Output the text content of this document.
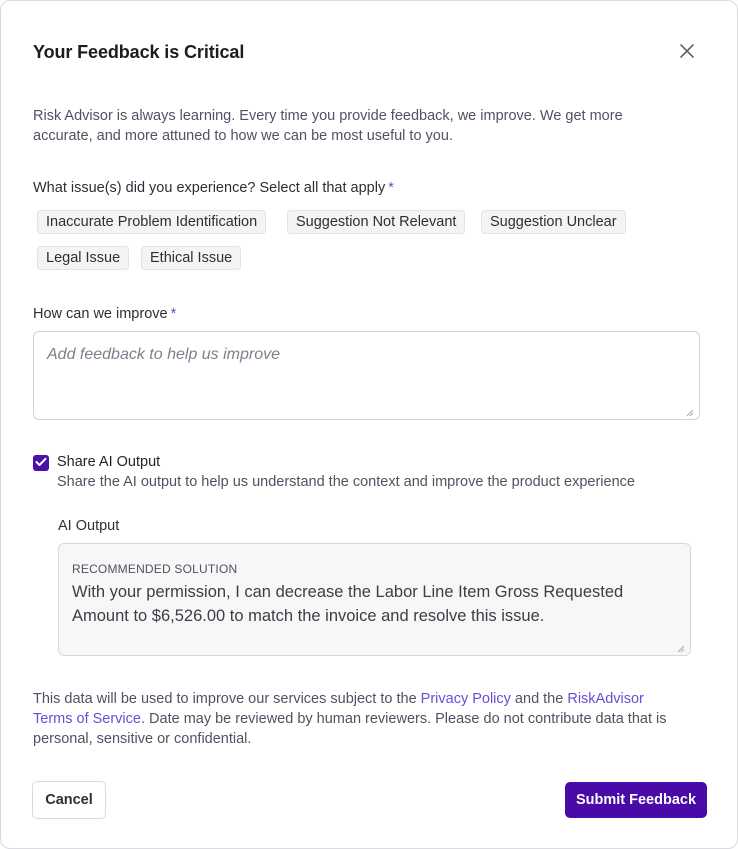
Your Feedback is Critical

Risk Advisor is always learning. Every time you provide feedback, we improve. We get more accurate, and more attuned to how we can be most useful to you.

What issue(s) did you experience? Select all that apply *
Inaccurate Problem Identification	Suggestion Not Relevant	Suggestion Unclear
Legal Issue	Ethical Issue
How can we improve *
Add feedback to help us improve
Share AI Output
Share the AI output to help us understand the context and improve the product experience
AI Output
RECOMMENDED SOLUTION
With your permission, I can decrease the Labor Line Item Gross Requested Amount to $6,526.00 to match the invoice and resolve this issue.

This data will be used to improve our services subject to the Privacy Policy and the RiskAdvisor Terms of Service. Date may be reviewed by human reviewers. Please do not contribute data that is personal, sensitive or confidential.

Cancel	Submit Feedback
